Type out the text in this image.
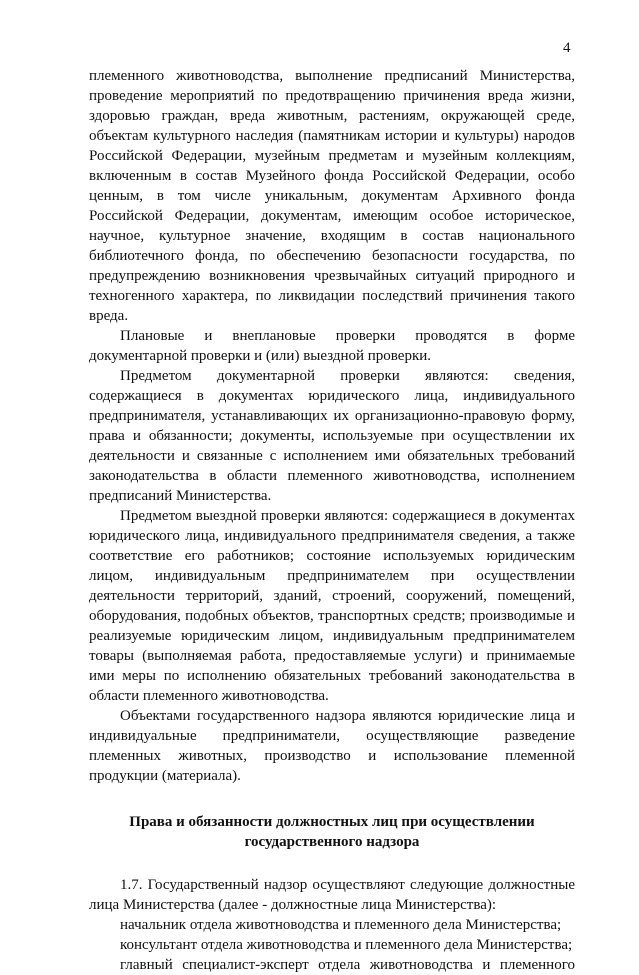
4

племенного животноводства, выполнение предписаний Министерства, проведение мероприятий по предотвращению причинения вреда жизни, здоровью граждан, вреда животным, растениям, окружающей среде, объектам культурного наследия (памятникам истории и культуры) народов Российской Федерации, музейным предметам и музейным коллекциям, включенным в состав Музейного фонда Российской Федерации, особо ценным, в том числе уникальным, документам Архивного фонда Российской Федерации, документам, имеющим особое историческое, научное, культурное значение, входящим в состав национального библиотечного фонда, по обеспечению безопасности государства, по предупреждению возникновения чрезвычайных ситуаций природного и техногенного характера, по ликвидации последствий причинения такого вреда.

Плановые и внеплановые проверки проводятся в форме документарной проверки и (или) выездной проверки.

Предметом документарной проверки являются: сведения, содержащиеся в документах юридического лица, индивидуального предпринимателя, устанавливающих их организационно-правовую форму, права и обязанности; документы, используемые при осуществлении их деятельности и связанные с исполнением ими обязательных требований законодательства в области племенного животноводства, исполнением предписаний Министерства.

Предметом выездной проверки являются: содержащиеся в документах юридического лица, индивидуального предпринимателя сведения, а также соответствие его работников; состояние используемых юридическим лицом, индивидуальным предпринимателем при осуществлении деятельности территорий, зданий, строений, сооружений, помещений, оборудования, подобных объектов, транспортных средств; производимые и реализуемые юридическим лицом, индивидуальным предпринимателем товары (выполняемая работа, предоставляемые услуги) и принимаемые ими меры по исполнению обязательных требований законодательства в области племенного животноводства.

Объектами государственного надзора являются юридические лица и индивидуальные предприниматели, осуществляющие разведение племенных животных, производство и использование племенной продукции (материала).

Права и обязанности должностных лиц при осуществлении государственного надзора

1.7. Государственный надзор осуществляют следующие должностные лица Министерства (далее - должностные лица Министерства):

начальник отдела животноводства и племенного дела Министерства;

консультант отдела животноводства и племенного дела Министерства;

главный специалист-эксперт отдела животноводства и племенного
